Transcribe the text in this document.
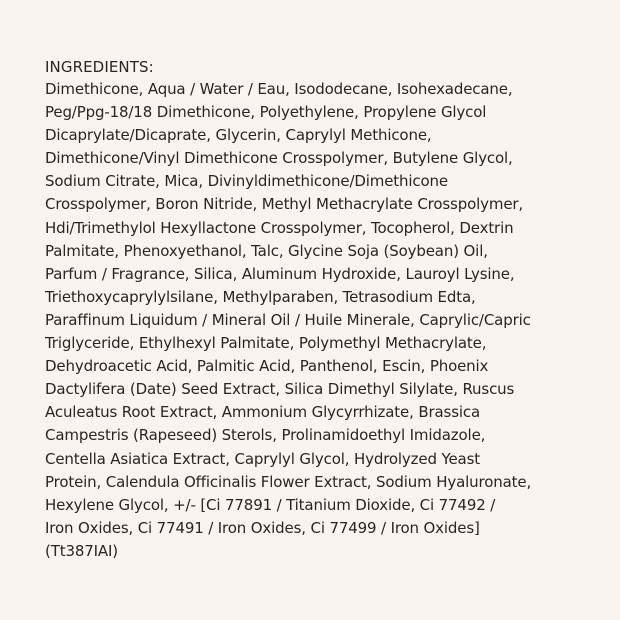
INGREDIENTS:
Dimethicone, Aqua / Water / Eau, Isododecane, Isohexadecane,
Peg/Ppg-18/18 Dimethicone, Polyethylene, Propylene Glycol
Dicaprylate/Dicaprate, Glycerin, Caprylyl Methicone,
Dimethicone/Vinyl Dimethicone Crosspolymer, Butylene Glycol,
Sodium Citrate, Mica, Divinyldimethicone/Dimethicone
Crosspolymer, Boron Nitride, Methyl Methacrylate Crosspolymer,
Hdi/Trimethylol Hexyllactone Crosspolymer, Tocopherol, Dextrin
Palmitate, Phenoxyethanol, Talc, Glycine Soja (Soybean) Oil,
Parfum / Fragrance, Silica, Aluminum Hydroxide, Lauroyl Lysine,
Triethoxycaprylylsilane, Methylparaben, Tetrasodium Edta,
Paraffinum Liquidum / Mineral Oil / Huile Minerale, Caprylic/Capric
Triglyceride, Ethylhexyl Palmitate, Polymethyl Methacrylate,
Dehydroacetic Acid, Palmitic Acid, Panthenol, Escin, Phoenix
Dactylifera (Date) Seed Extract, Silica Dimethyl Silylate, Ruscus
Aculeatus Root Extract, Ammonium Glycyrrhizate, Brassica
Campestris (Rapeseed) Sterols, Prolinamidoethyl Imidazole,
Centella Asiatica Extract, Caprylyl Glycol, Hydrolyzed Yeast
Protein, Calendula Officinalis Flower Extract, Sodium Hyaluronate,
Hexylene Glycol, +/- [Ci 77891 / Titanium Dioxide, Ci 77492 /
Iron Oxides, Ci 77491 / Iron Oxides, Ci 77499 / Iron Oxides]
(Tt387IAI)
